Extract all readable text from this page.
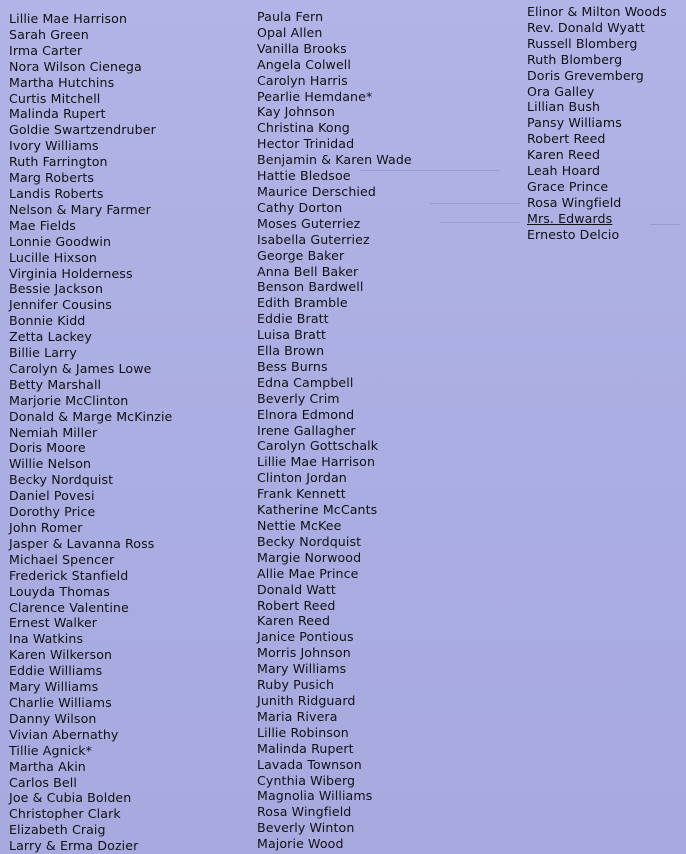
Lillie Mae Harrison
Sarah Green
Irma Carter
Nora Wilson Cienega
Martha Hutchins
Curtis Mitchell
Malinda Rupert
Goldie Swartzendruber
Ivory Williams
Ruth Farrington
Marg Roberts
Landis Roberts
Nelson & Mary Farmer
Mae Fields
Lonnie Goodwin
Lucille Hixson
Virginia Holderness
Bessie Jackson
Jennifer Cousins
Bonnie Kidd
Zetta Lackey
Billie Larry
Carolyn & James Lowe
Betty Marshall
Marjorie McClinton
Donald & Marge McKinzie
Nemiah Miller
Doris Moore
Willie Nelson
Becky Nordquist
Daniel Povesi
Dorothy Price
John Romer
Jasper & Lavanna Ross
Michael Spencer
Frederick Stanfield
Louyda Thomas
Clarence Valentine
Ernest Walker
Ina Watkins
Karen Wilkerson
Eddie Williams
Mary Williams
Charlie Williams
Danny Wilson
Vivian Abernathy
Tillie Agnick*
Martha Akin
Carlos Bell
Joe & Cubia Bolden
Christopher Clark
Elizabeth Craig
Larry & Erma Dozier
Paula Fern
Opal Allen
Vanilla Brooks
Angela Colwell
Carolyn Harris
Pearlie Hemdane*
Kay Johnson
Christina Kong
Hector Trinidad
Benjamin & Karen Wade
Hattie Bledsoe
Maurice Derschied
Cathy Dorton
Moses Guterriez
Isabella Guterriez
George Baker
Anna Bell Baker
Benson Bardwell
Edith Bramble
Eddie Bratt
Luisa Bratt
Ella Brown
Bess Burns
Edna Campbell
Beverly Crim
Elnora Edmond
Irene Gallagher
Carolyn Gottschalk
Lillie Mae Harrison
Clinton Jordan
Frank Kennett
Katherine McCants
Nettie McKee
Becky Nordquist
Margie Norwood
Allie Mae Prince
Donald Watt
Robert Reed
Karen Reed
Janice Pontious
Morris Johnson
Mary Williams
Ruby Pusich
Junith Ridguard
Maria Rivera
Lillie Robinson
Malinda Rupert
Lavada Townson
Cynthia Wiberg
Magnolia Williams
Rosa Wingfield
Beverly Winton
Majorie Wood
Elinor & Milton Woods
Rev. Donald Wyatt
Russell Blomberg
Ruth Blomberg
Doris Grevemberg
Ora Galley
Lillian Bush
Pansy Williams
Robert Reed
Karen Reed
Leah Hoard
Grace Prince
Rosa Wingfield
Mrs. Edwards
Ernesto Delcio
